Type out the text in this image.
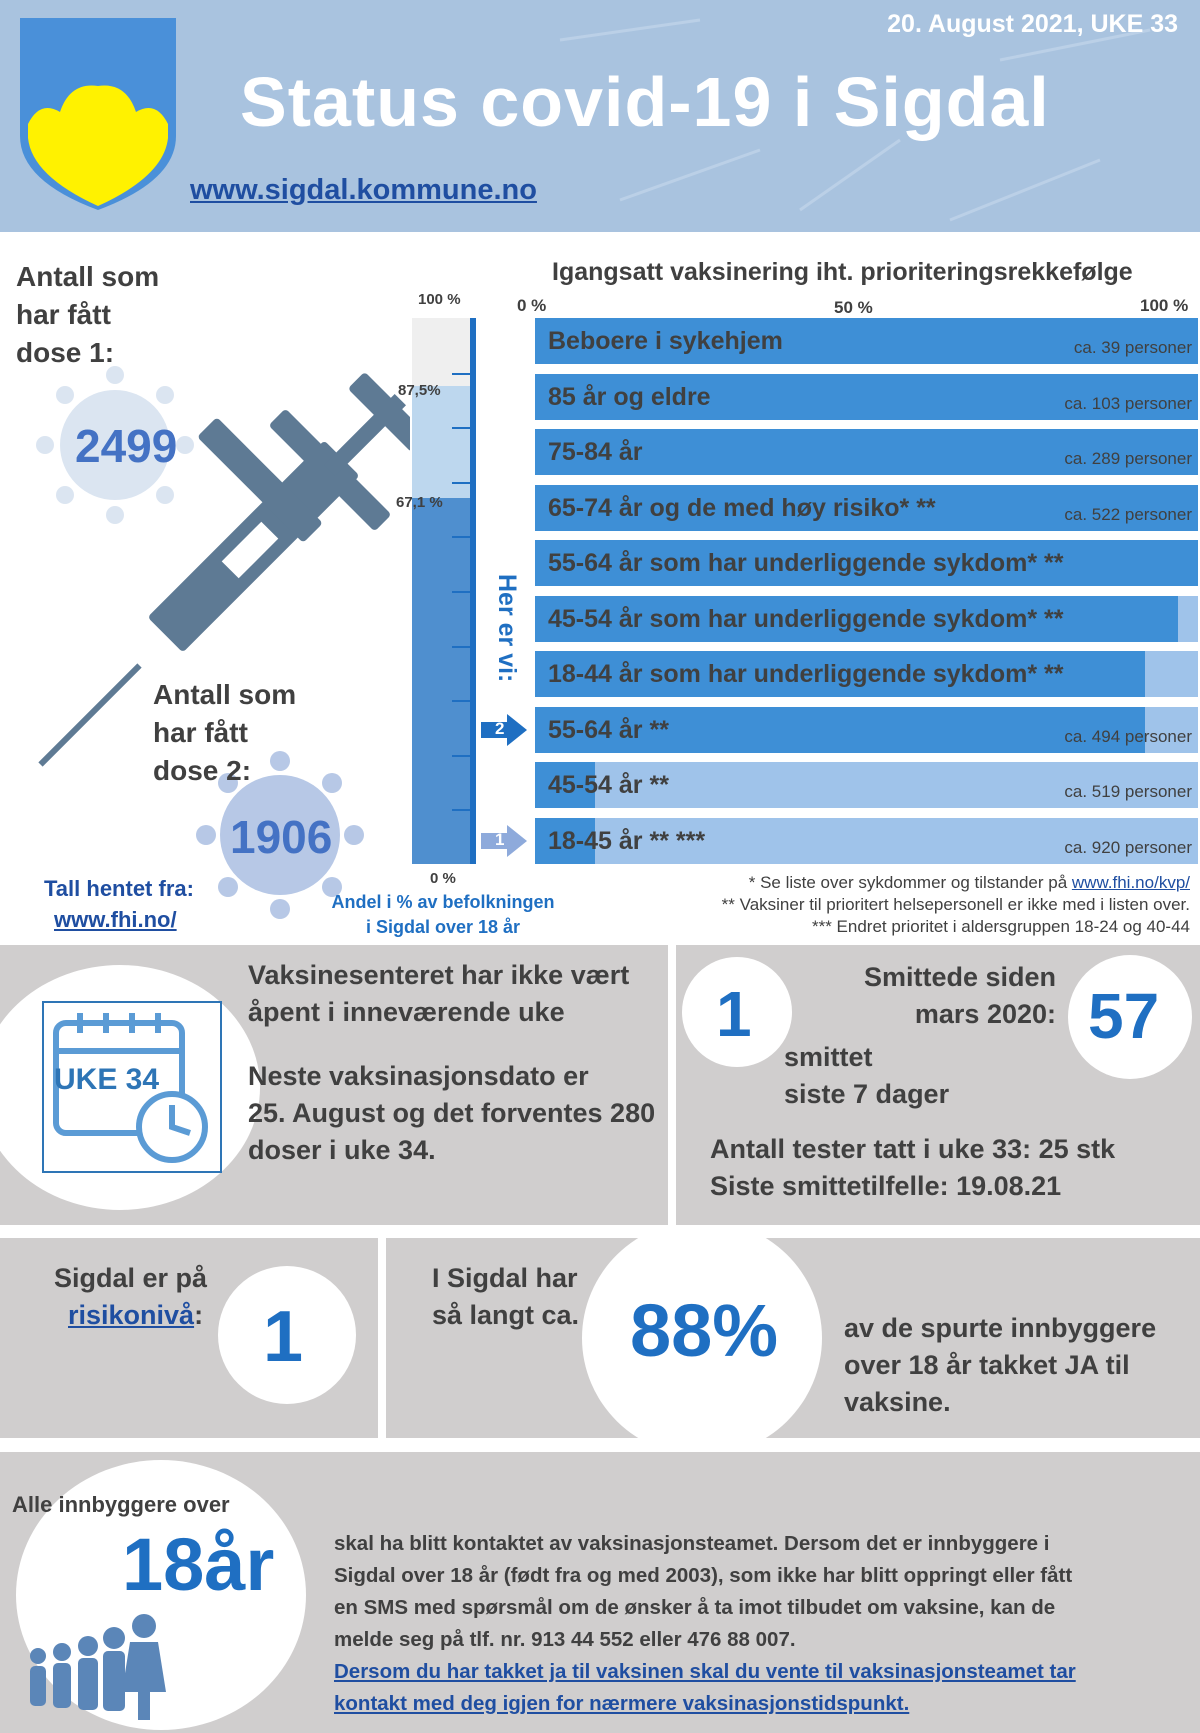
20. August 2021, UKE 33
Status covid-19 i Sigdal
www.sigdal.kommune.no
Antall som
har fått
dose 1:
2499
Antall som
har fått
dose 2:
1906
Tall hentet fra:
www.fhi.no/
100 %
87,5%
67,1 %
0 %
Andel i % av befolkningen
i Sigdal over 18 år
Her er vi:
Igangsatt vaksinering iht. prioriteringsrekkefølge
0 %	50 %	100 %
Beboere i sykehjem	ca. 39 personer
85 år og eldre	ca. 103 personer
75-84 år	ca. 289 personer
65-74 år og de med høy risiko* **	ca. 522 personer
55-64 år som har underliggende sykdom* **
45-54 år som har underliggende sykdom* **
18-44 år som har underliggende sykdom* **
55-64 år **	ca. 494 personer
45-54 år **	ca. 519 personer
18-45 år ** ***	ca. 920 personer
2
1
* Se liste over sykdommer og tilstander på www.fhi.no/kvp/
** Vaksiner til prioritert helsepersonell er ikke med i listen over.
*** Endret prioritet i aldersgruppen 18-24 og 40-44
UKE 34
Vaksinesenteret har ikke vært
åpent i inneværende uke
Neste vaksinasjonsdato er
25. August og det forventes 280
doser i uke 34.
1
smittet
siste 7 dager
Smittede siden
mars 2020: 57
Antall tester tatt i uke 33: 25 stk
Siste smittetilfelle: 19.08.21
Sigdal er på
risikonivå: 1
I Sigdal har
så langt ca. 88% av de spurte innbyggere
over 18 år takket JA til
vaksine.
Alle innbyggere over
18år	skal ha blitt kontaktet av vaksinasjonsteamet. Dersom det er innbyggere i
Sigdal over 18 år (født fra og med 2003), som ikke har blitt oppringt eller fått
en SMS med spørsmål om de ønsker å ta imot tilbudet om vaksine, kan de
melde seg på tlf. nr. 913 44 552 eller 476 88 007.
Dersom du har takket ja til vaksinen skal du vente til vaksinasjonsteamet tar
kontakt med deg igjen for nærmere vaksinasjonstidspunkt.
